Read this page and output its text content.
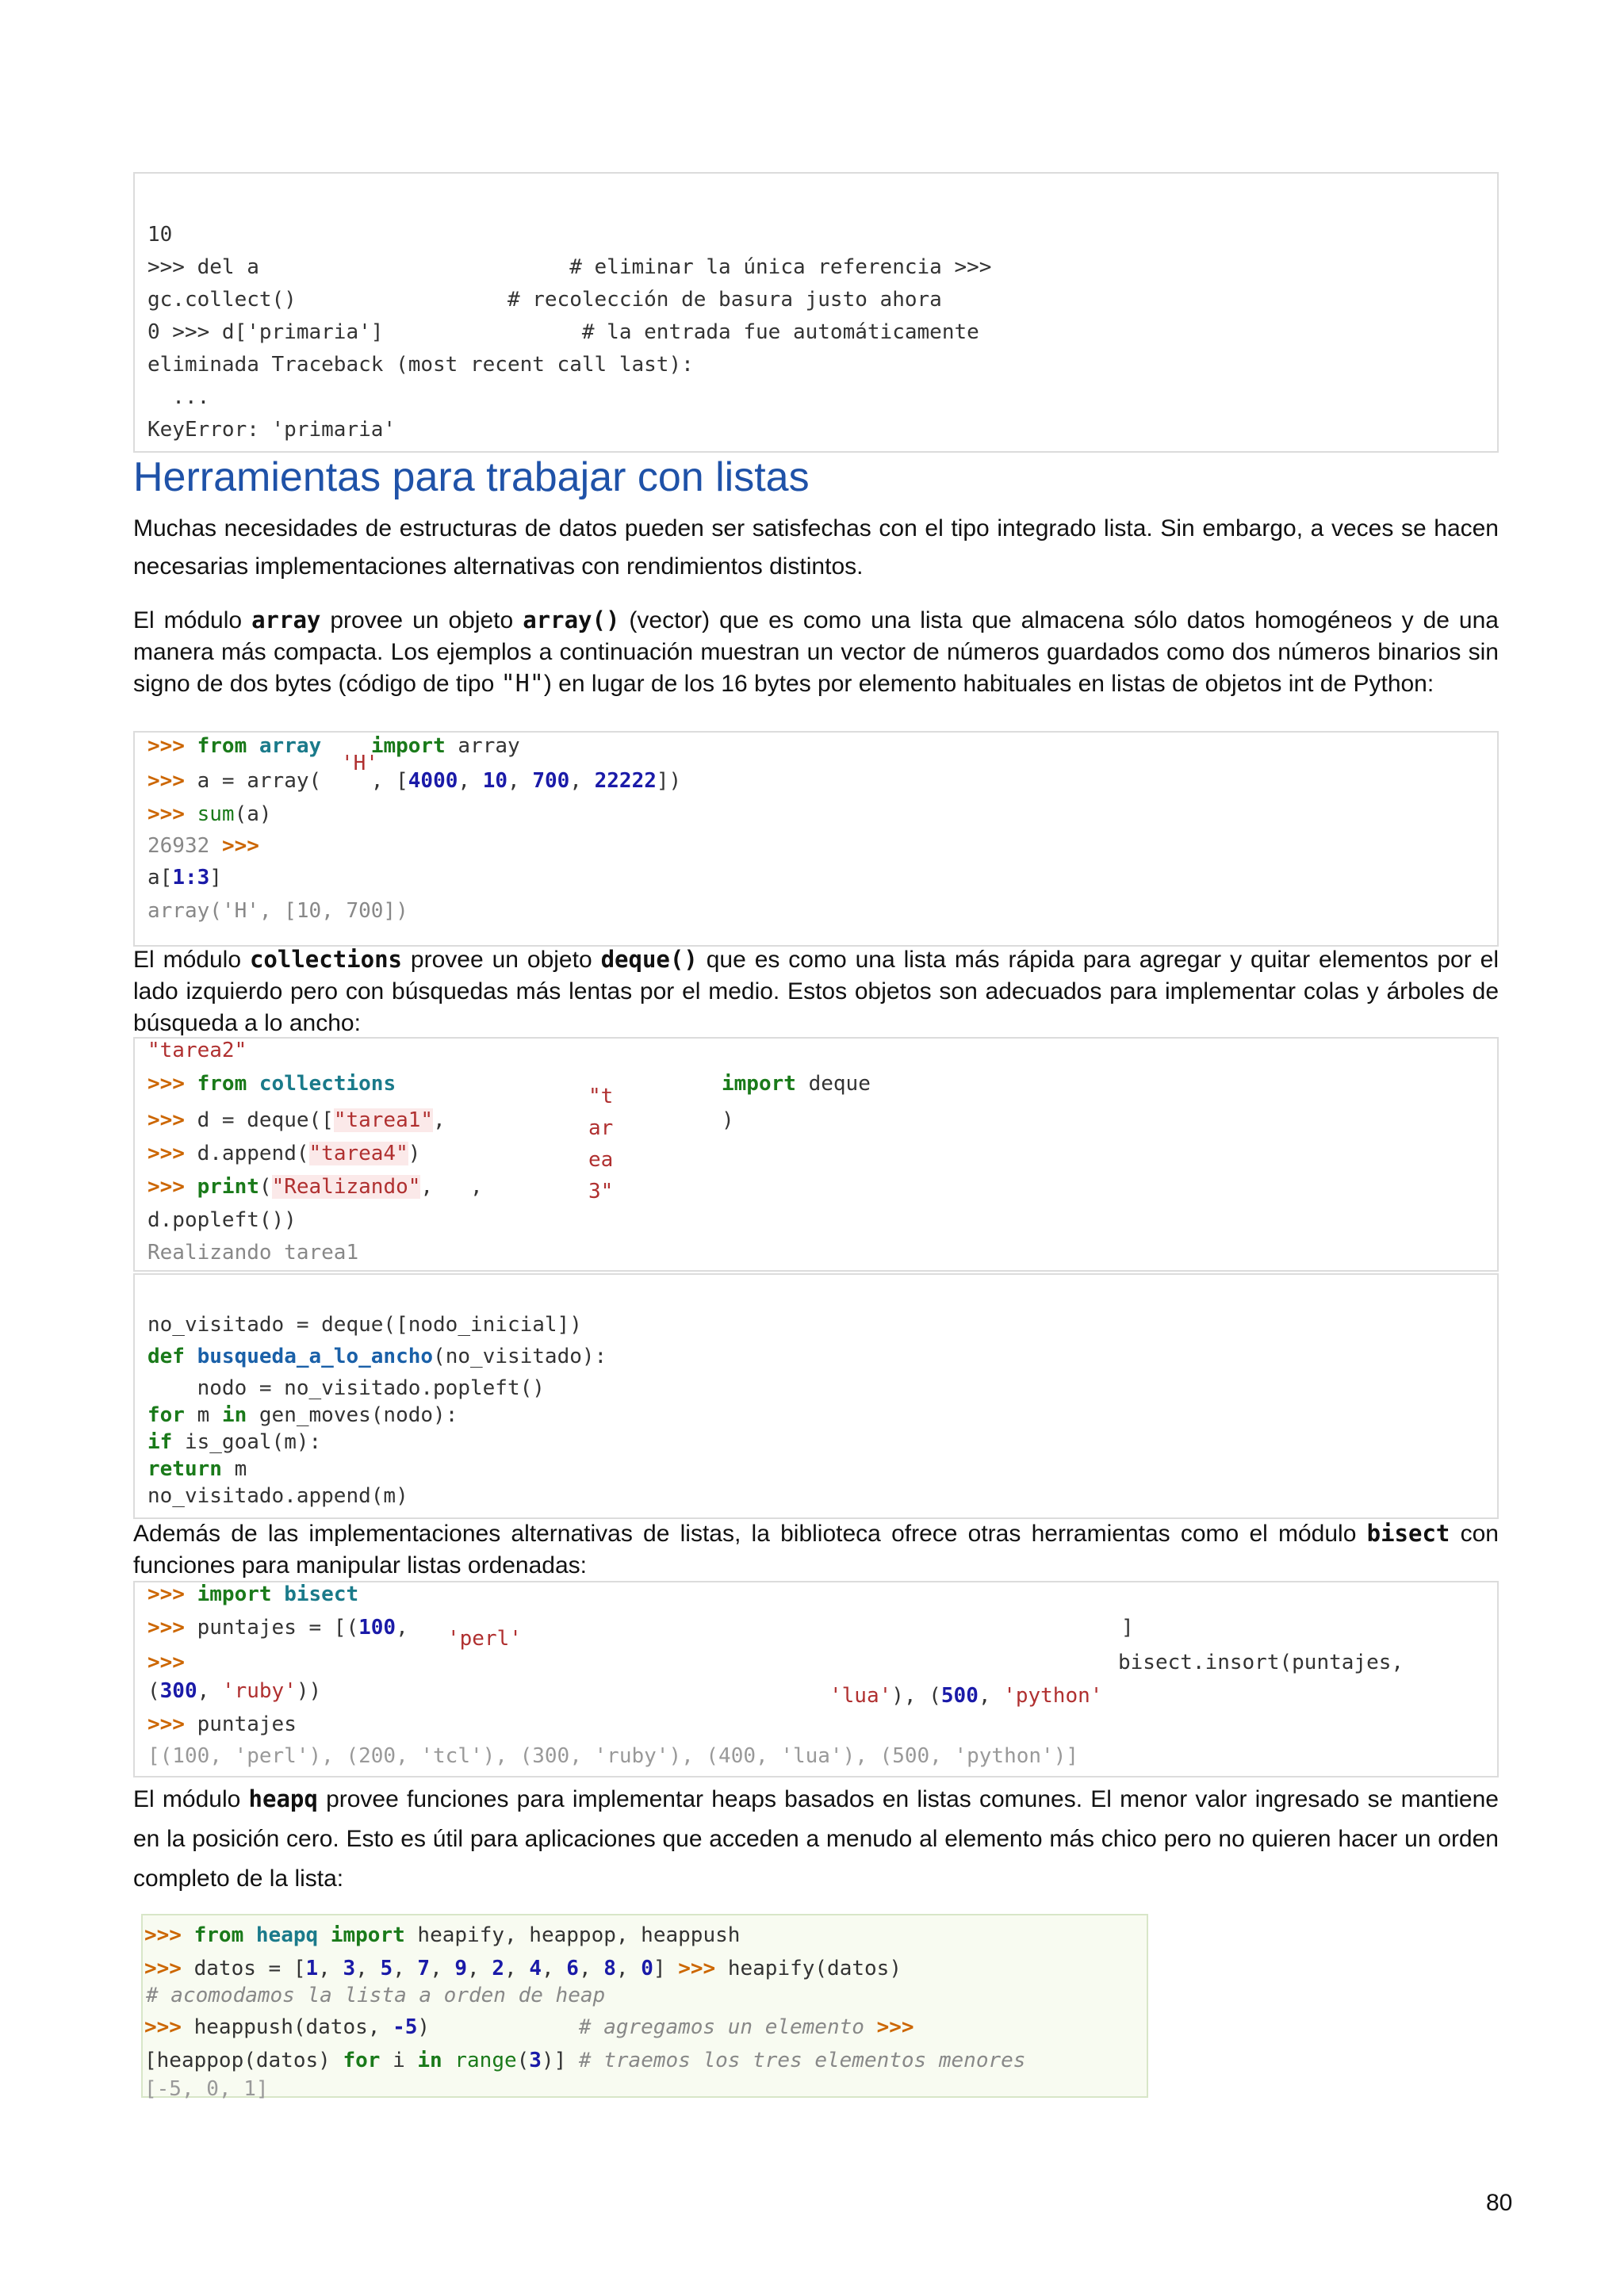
10
>>> del a                         # eliminar la única referencia >>>
gc.collect()                 # recolección de basura justo ahora
0 >>> d['primaria']                # la entrada fue automáticamente
eliminada Traceback (most recent call last):
...
KeyError: 'primaria'
Herramientas para trabajar con listas
Muchas necesidades de estructuras de datos pueden ser satisfechas con el tipo integrado lista. Sin embargo, a veces se hacen necesarias implementaciones alternativas con rendimientos distintos.
El módulo array provee un objeto array() (vector) que es como una lista que almacena sólo datos homogéneos y de una manera más compacta. Los ejemplos a continuación muestran un vector de números guardados como dos números binarios sin signo de dos bytes (código de tipo "H") en lugar de los 16 bytes por elemento habituales en listas de objetos int de Python:
>>> from array import array
'H'
>>> a = array( , [4000, 10, 700, 22222])
>>> sum(a)
26932 >>>
a[1:3]
array('H', [10, 700])
El módulo collections provee un objeto deque() que es como una lista más rápida para agregar y quitar elementos por el lado izquierdo pero con búsquedas más lentas por el medio. Estos objetos son adecuados para implementar colas y árboles de búsqueda a lo ancho:
"tarea2"
>>> from collections	import deque
>>> d = deque(["tarea1",	)
"t
ar
ea
3"
>>> d.append("tarea4")
>>> print("Realizando", ,
d.popleft())
Realizando tarea1
no_visitado = deque([nodo_inicial])
def busqueda_a_lo_ancho(no_visitado):
nodo = no_visitado.popleft()
for m in gen_moves(nodo):
if is_goal(m):
return m
no_visitado.append(m)
Además de las implementaciones alternativas de listas, la biblioteca ofrece otras herramientas como el módulo bisect con funciones para manipular listas ordenadas:
>>> import bisect
>>> puntajes = [(100, 'perl'	]
>>>	bisect.insort(puntajes,
(300, 'ruby'))	'lua'), (500, 'python'
>>> puntajes
[(100, 'perl'), (200, 'tcl'), (300, 'ruby'), (400, 'lua'), (500, 'python')]
El módulo heapq provee funciones para implementar heaps basados en listas comunes. El menor valor ingresado se mantiene en la posición cero. Esto es útil para aplicaciones que acceden a menudo al elemento más chico pero no quieren hacer un orden completo de la lista:
>>> from heapq import heapify, heappop, heappush
>>> datos = [1, 3, 5, 7, 9, 2, 4, 6, 8, 0] >>> heapify(datos)
# acomodamos la lista a orden de heap
>>> heappush(datos, -5)	# agregamos un elemento >>>
[heappop(datos) for i in range(3)] # traemos los tres elementos menores
[-5, 0, 1]
80
